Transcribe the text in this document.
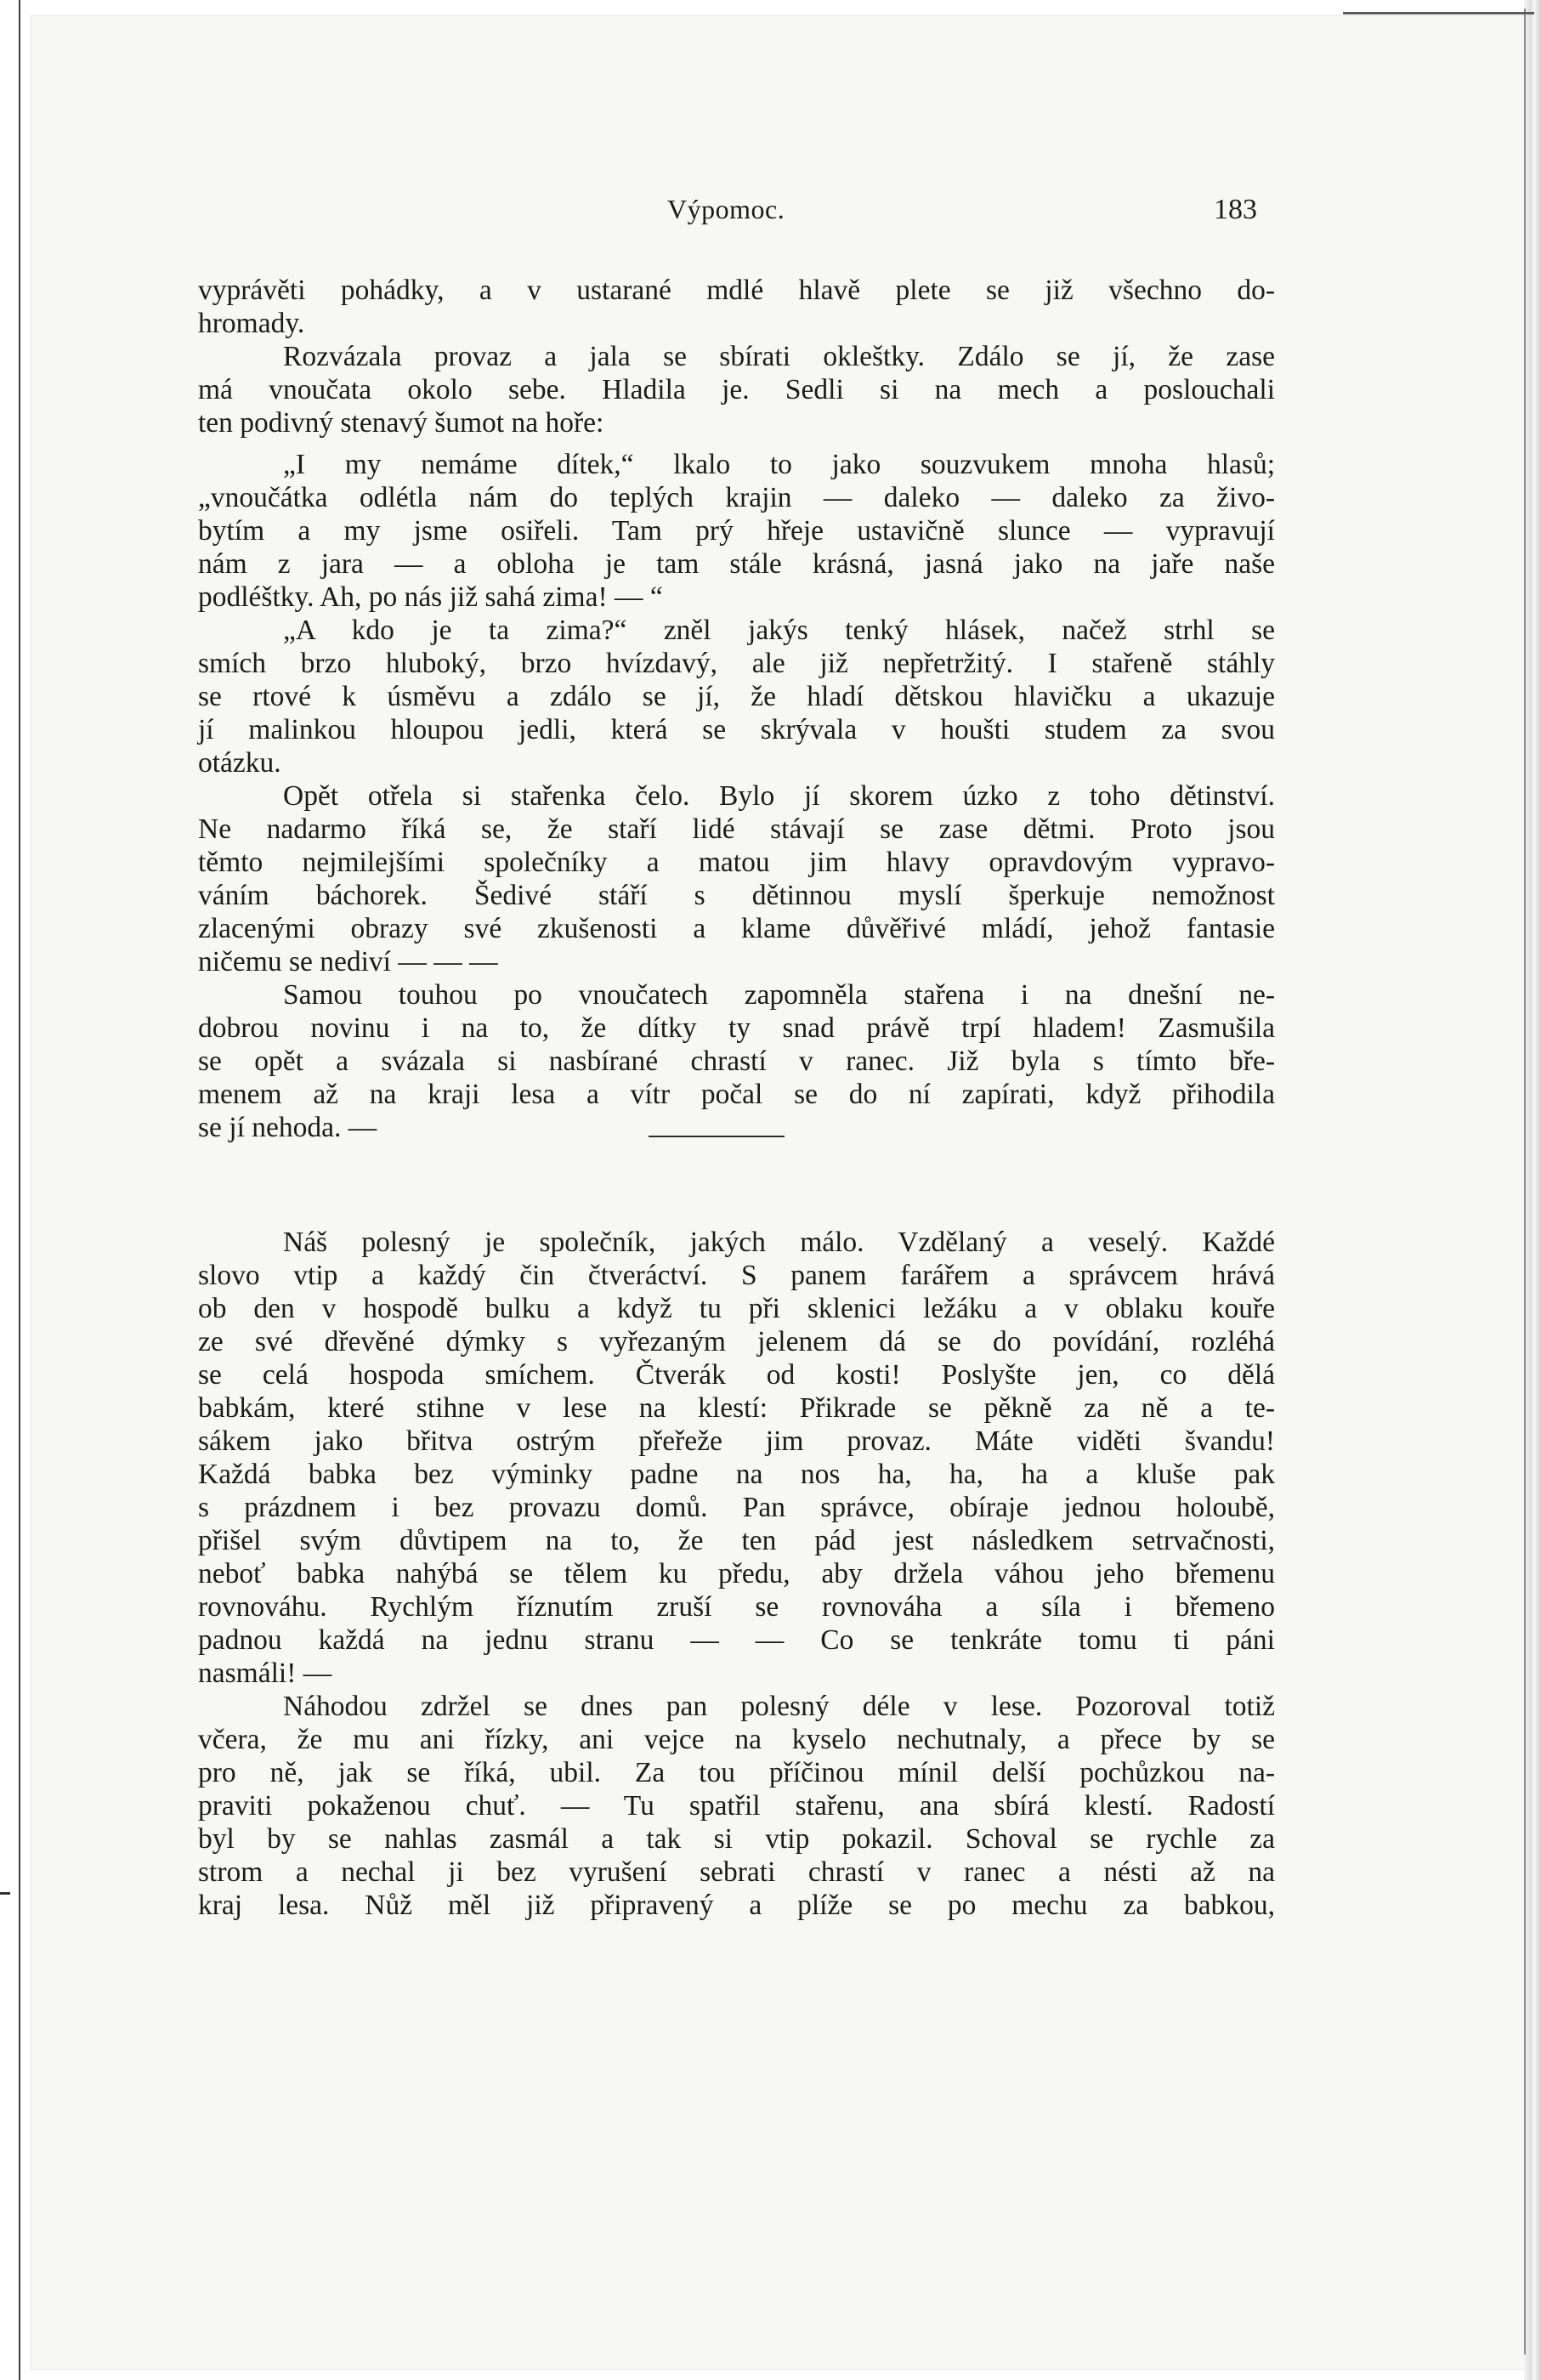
Výpomoc.	183
vyprávěti pohádky, a v ustarané mdlé hlavě plete se již všechno do-
hromady.
Rozvázala provaz a jala se sbírati okleštky. Zdálo se jí, že zase
má vnoučata okolo sebe. Hladila je. Sedli si na mech a poslouchali
ten podivný stenavý šumot na hoře:
„I my nemáme dítek,“ lkalo to jako souzvukem mnoha hlasů;
„vnoučátka odlétla nám do teplých krajin — daleko — daleko za živo-
bytím a my jsme osiřeli. Tam prý hřeje ustavičně slunce — vypravují
nám z jara — a obloha je tam stále krásná, jasná jako na jaře naše
podléštky. Ah, po nás již sahá zima! — “
„A kdo je ta zima?“ zněl jakýs tenký hlásek, načež strhl se
smích brzo hluboký, brzo hvízdavý, ale již nepřetržitý. I stařeně stáhly
se rtové k úsměvu a zdálo se jí, že hladí dětskou hlavičku a ukazuje
jí malinkou hloupou jedli, která se skrývala v houšti studem za svou
otázku.
Opět otřela si stařenka čelo. Bylo jí skorem úzko z toho dětinství.
Ne nadarmo říká se, že staří lidé stávají se zase dětmi. Proto jsou
těmto nejmilejšími společníky a matou jim hlavy opravdovým vypravo-
váním báchorek. Šedivé stáří s dětinnou myslí šperkuje nemožnost
zlacenými obrazy své zkušenosti a klame důvěřivé mládí, jehož fantasie
ničemu se nediví — — —
Samou touhou po vnoučatech zapomněla stařena i na dnešní ne-
dobrou novinu i na to, že dítky ty snad právě trpí hladem! Zasmušila
se opět a svázala si nasbírané chrastí v ranec. Již byla s tímto bře-
menem až na kraji lesa a vítr počal se do ní zapírati, když přihodila
se jí nehoda. —
Náš polesný je společník, jakých málo. Vzdělaný a veselý. Každé
slovo vtip a každý čin čtveráctví. S panem farářem a správcem hrává
ob den v hospodě bulku a když tu při sklenici ležáku a v oblaku kouře
ze své dřevěné dýmky s vyřezaným jelenem dá se do povídání, rozléhá
se celá hospoda smíchem. Čtverák od kosti! Poslyšte jen, co dělá
babkám, které stihne v lese na klestí: Přikrade se pěkně za ně a te-
sákem jako břitva ostrým přeřeže jim provaz. Máte viděti švandu!
Každá babka bez výminky padne na nos ha, ha, ha a kluše pak
s prázdnem i bez provazu domů. Pan správce, obíraje jednou holoubě,
přišel svým důvtipem na to, že ten pád jest následkem setrvačnosti,
neboť babka nahýbá se tělem ku předu, aby držela váhou jeho břemenu
rovnováhu. Rychlým říznutím zruší se rovnováha a síla i břemeno
padnou každá na jednu stranu — — Co se tenkráte tomu ti páni
nasmáli! —
Náhodou zdržel se dnes pan polesný déle v lese. Pozoroval totiž
včera, že mu ani řízky, ani vejce na kyselo nechutnaly, a přece by se
pro ně, jak se říká, ubil. Za tou příčinou mínil delší pochůzkou na-
praviti pokaženou chuť. — Tu spatřil stařenu, ana sbírá klestí. Radostí
byl by se nahlas zasmál a tak si vtip pokazil. Schoval se rychle za
strom a nechal ji bez vyrušení sebrati chrastí v ranec a nésti až na
kraj lesa. Nůž měl již připravený a plíže se po mechu za babkou,
